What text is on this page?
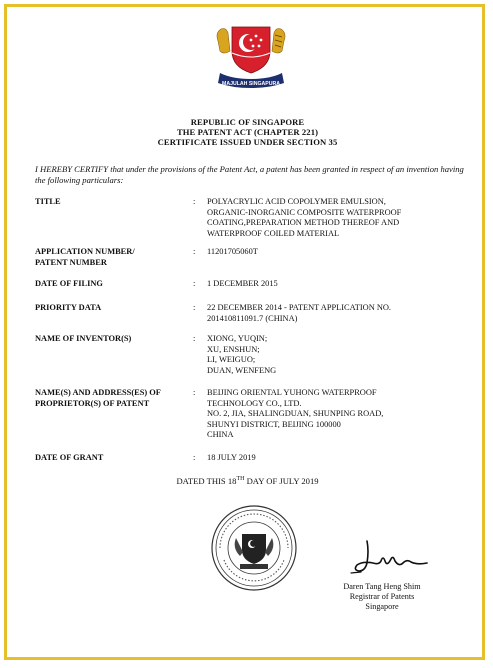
MAJULAH SINGAPURA
REPUBLIC OF SINGAPORE
THE PATENT ACT (CHAPTER 221)
CERTIFICATE ISSUED UNDER SECTION 35
I HEREBY CERTIFY that under the provisions of the Patent Act, a patent has been granted in respect of an invention having the following particulars:
TITLE	: POLYACRYLIC ACID COPOLYMER EMULSION,
ORGANIC-INORGANIC COMPOSITE WATERPROOF
COATING,PREPARATION METHOD THEREOF AND
WATERPROOF COILED MATERIAL
APPLICATION NUMBER/
PATENT NUMBER
: 11201705060T
DATE OF FILING	: 1 DECEMBER 2015
PRIORITY DATA	: 22 DECEMBER 2014 - PATENT APPLICATION NO.
201410811091.7 (CHINA)
NAME OF INVENTOR(S)	: XIONG, YUQIN;
XU, ENSHUN;
LI, WEIGUO;
DUAN, WENFENG
NAME(S) AND ADDRESS(ES) OF
PROPRIETOR(S) OF PATENT
: BEIJING ORIENTAL YUHONG WATERPROOF
TECHNOLOGY CO., LTD.
NO. 2, JIA, SHALINGDUAN, SHUNPING ROAD,
SHUNYI DISTRICT, BEIJING 100000
CHINA
DATE OF GRANT	: 18 JULY 2019
DATED THIS 18TH DAY OF JULY 2019
Daren Tang Heng Shim
Registrar of Patents
Singapore
